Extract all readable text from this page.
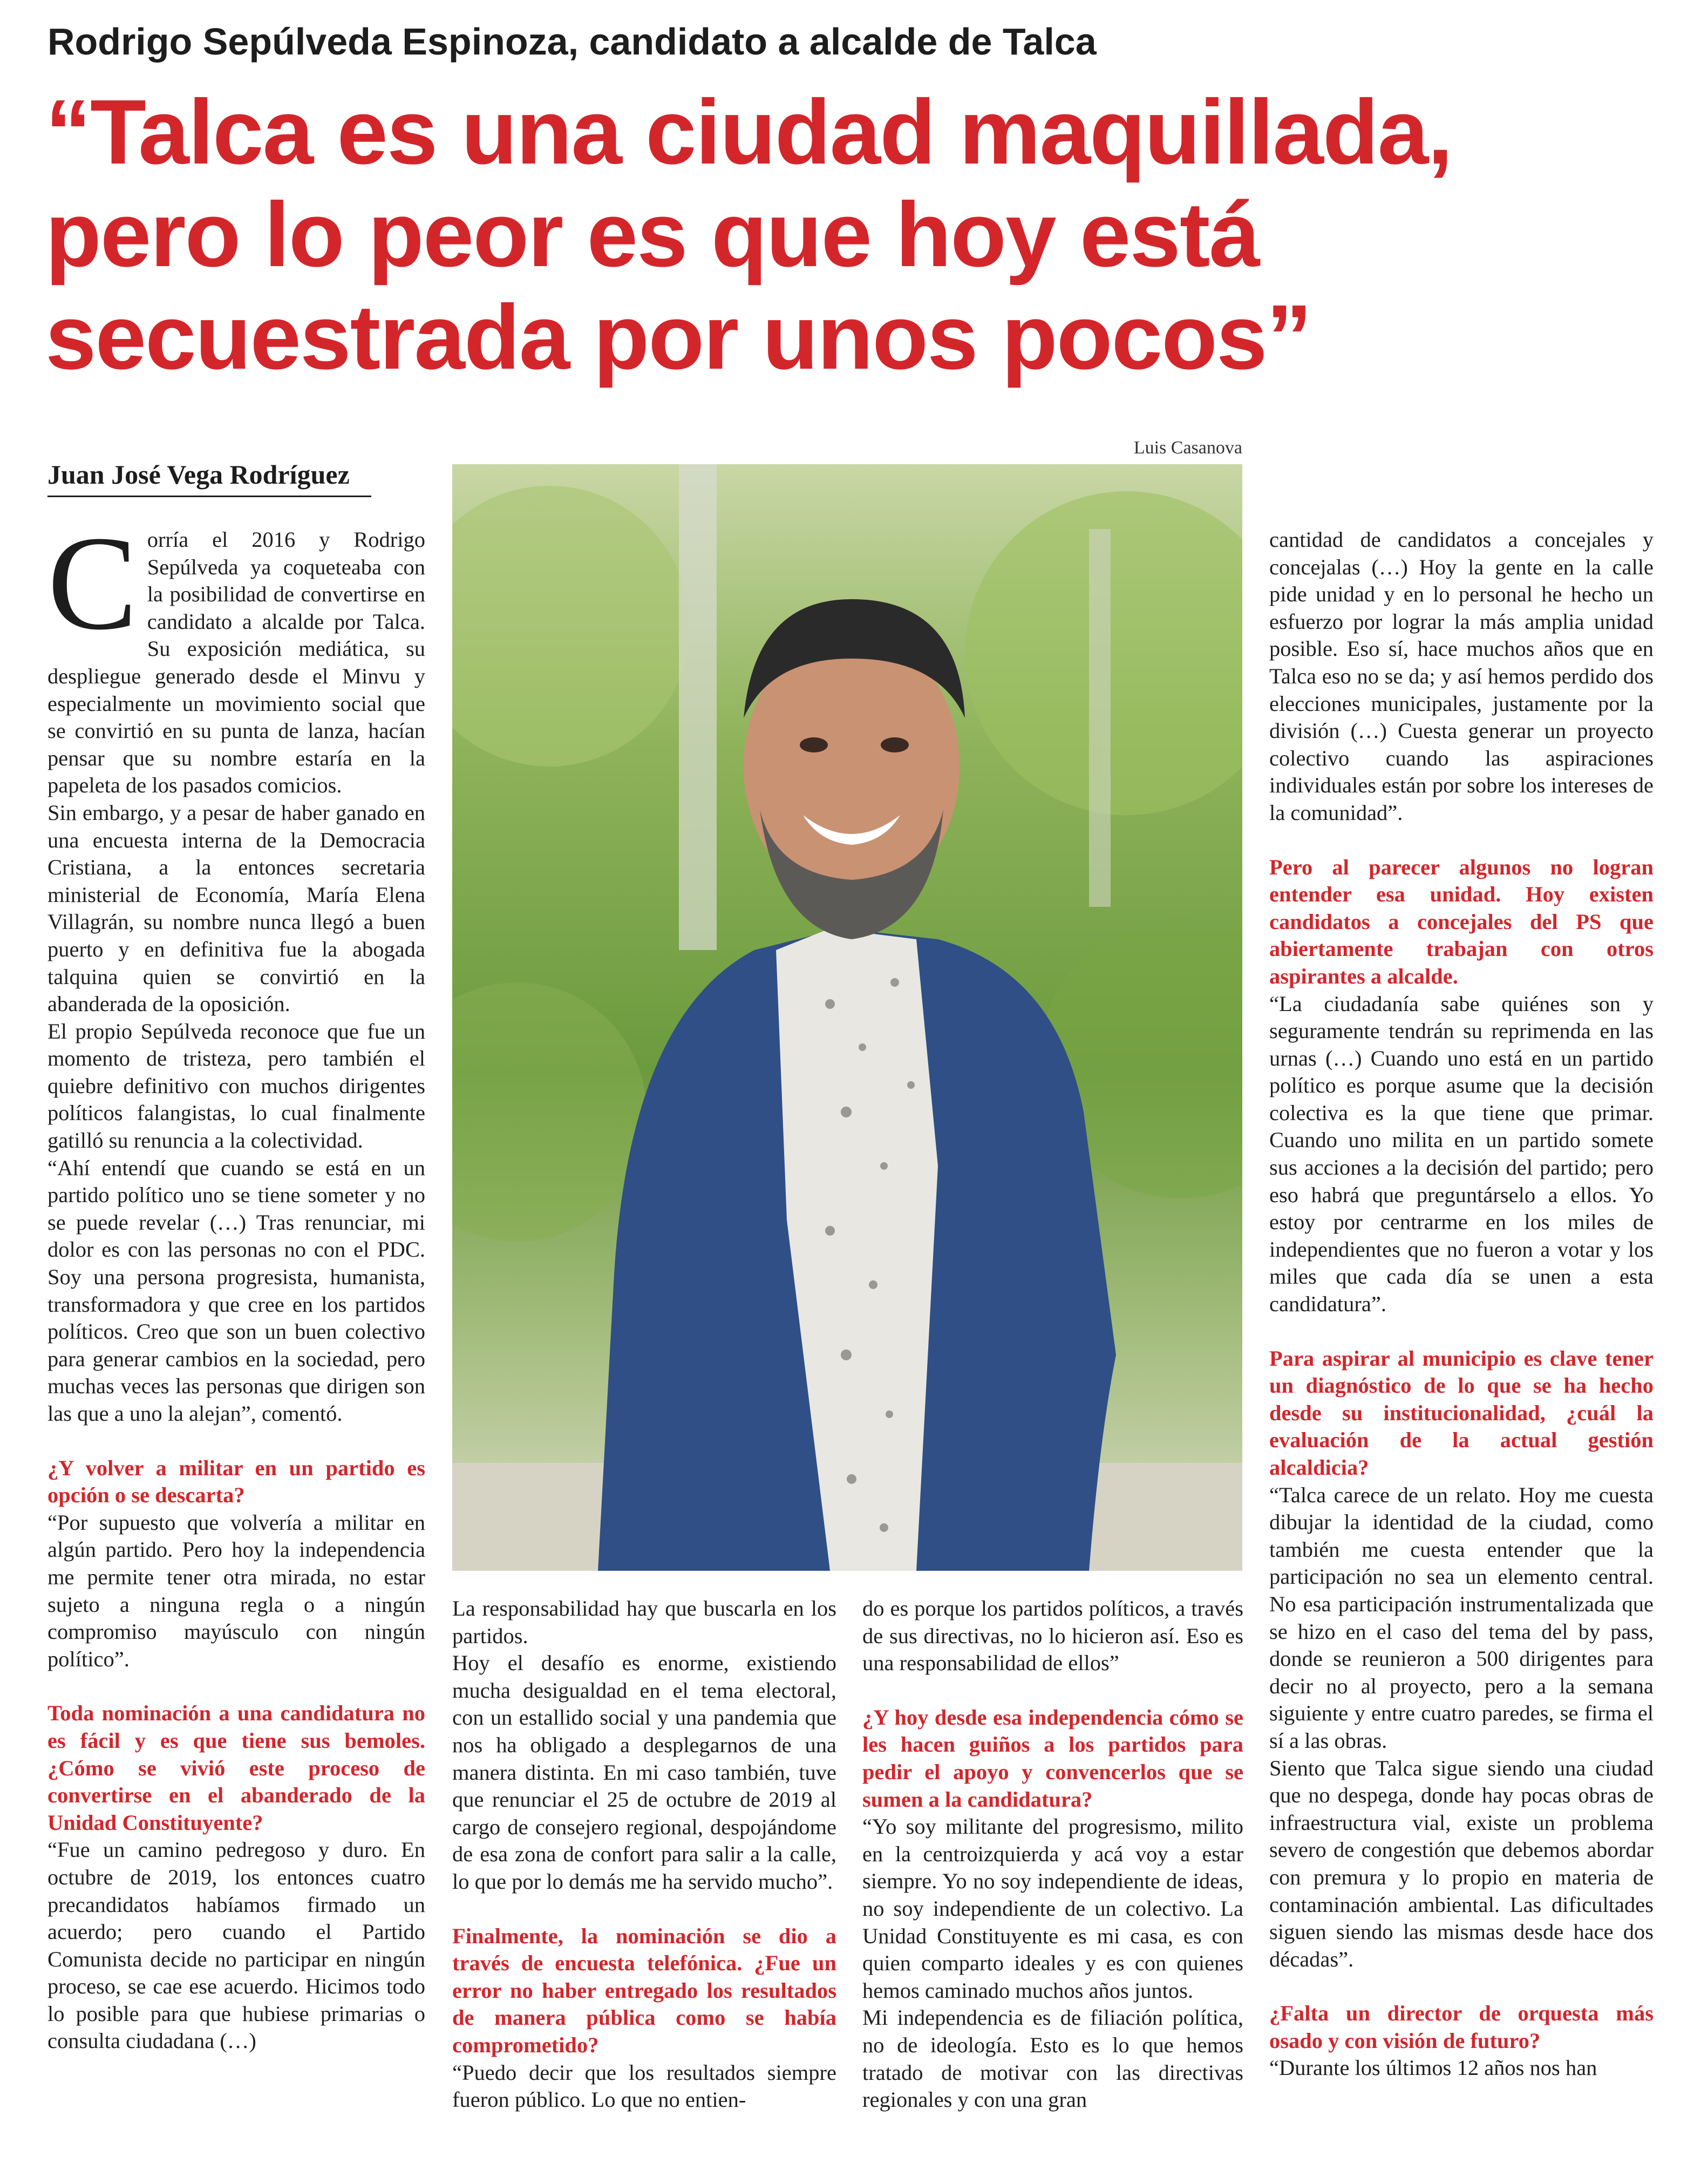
Rodrigo Sepúlveda Espinoza, candidato a alcalde de Talca
“Talca es una ciudad maquillada,
pero lo peor es que hoy está
secuestrada por unos pocos”
Juan José Vega Rodríguez
Luis Casanova

Corría el 2016 y Rodrigo Sepúlveda ya coqueteaba con la posibilidad de convertirse en candidato a alcalde por Talca. Su exposición mediática, su despliegue generado desde el Minvu y especialmente un movimiento social que se convirtió en su punta de lanza, hacían pensar que su nombre estaría en la papeleta de los pasados comicios.

Sin embargo, y a pesar de haber ganado en una encuesta interna de la Democracia Cristiana, a la entonces secretaria ministerial de Economía, María Elena Villagrán, su nombre nunca llegó a buen puerto y en definitiva fue la abogada talquina quien se convirtió en la abanderada de la oposición.

El propio Sepúlveda reconoce que fue un momento de tristeza, pero también el quiebre definitivo con muchos dirigentes políticos falangistas, lo cual finalmente gatilló su renuncia a la colectividad.

“Ahí entendí que cuando se está en un partido político uno se tiene someter y no se puede revelar (…) Tras renunciar, mi dolor es con las personas no con el PDC. Soy una persona progresista, humanista, transformadora y que cree en los partidos políticos. Creo que son un buen colectivo para generar cambios en la sociedad, pero muchas veces las personas que dirigen son las que a uno la alejan”, comentó.

¿Y volver a militar en un partido es opción o se descarta?

“Por supuesto que volvería a militar en algún partido. Pero hoy la independencia me permite tener otra mirada, no estar sujeto a ninguna regla o a ningún compromiso mayúsculo con ningún político”.

Toda nominación a una candidatura no es fácil y es que tiene sus bemoles. ¿Cómo se vivió este proceso de convertirse en el abanderado de la Unidad Constituyente?

“Fue un camino pedregoso y duro. En octubre de 2019, los entonces cuatro precandidatos habíamos firmado un acuerdo; pero cuando el Partido Comunista decide no participar en ningún proceso, se cae ese acuerdo. Hicimos todo lo posible para que hubiese primarias o consulta ciudadana (…)

La responsabilidad hay que buscarla en los partidos.

Hoy el desafío es enorme, existiendo mucha desigualdad en el tema electoral, con un estallido social y una pandemia que nos ha obligado a desplegarnos de una manera distinta. En mi caso también, tuve que renunciar el 25 de octubre de 2019 al cargo de consejero regional, despojándome de esa zona de confort para salir a la calle, lo que por lo demás me ha servido mucho”.

Finalmente, la nominación se dio a través de encuesta telefónica. ¿Fue un error no haber entregado los resultados de manera pública como se había comprometido?

“Puedo decir que los resultados siempre fueron público. Lo que no entien-

do es porque los partidos políticos, a través de sus directivas, no lo hicieron así. Eso es una responsabilidad de ellos”

¿Y hoy desde esa independencia cómo se les hacen guiños a los partidos para pedir el apoyo y convencerlos que se sumen a la candidatura?

“Yo soy militante del progresismo, milito en la centroizquierda y acá voy a estar siempre. Yo no soy independiente de ideas, no soy independiente de un colectivo. La Unidad Constituyente es mi casa, es con quien comparto ideales y es con quienes hemos caminado muchos años juntos.

Mi independencia es de filiación política, no de ideología. Esto es lo que hemos tratado de motivar con las directivas regionales y con una gran

cantidad de candidatos a concejales y concejalas (…) Hoy la gente en la calle pide unidad y en lo personal he hecho un esfuerzo por lograr la más amplia unidad posible. Eso sí, hace muchos años que en Talca eso no se da; y así hemos perdido dos elecciones municipales, justamente por la división (…) Cuesta generar un proyecto colectivo cuando las aspiraciones individuales están por sobre los intereses de la comunidad”.

Pero al parecer algunos no logran entender esa unidad. Hoy existen candidatos a concejales del PS que abiertamente trabajan con otros aspirantes a alcalde.

“La ciudadanía sabe quiénes son y seguramente tendrán su reprimenda en las urnas (…) Cuando uno está en un partido político es porque asume que la decisión colectiva es la que tiene que primar. Cuando uno milita en un partido somete sus acciones a la decisión del partido; pero eso habrá que preguntárselo a ellos. Yo estoy por centrarme en los miles de independientes que no fueron a votar y los miles que cada día se unen a esta candidatura”.

Para aspirar al municipio es clave tener un diagnóstico de lo que se ha hecho desde su institucionalidad, ¿cuál la evaluación de la actual gestión alcaldicia?

“Talca carece de un relato. Hoy me cuesta dibujar la identidad de la ciudad, como también me cuesta entender que la participación no sea un elemento central. No esa participación instrumentalizada que se hizo en el caso del tema del by pass, donde se reunieron a 500 dirigentes para decir no al proyecto, pero a la semana siguiente y entre cuatro paredes, se firma el sí a las obras.

Siento que Talca sigue siendo una ciudad que no despega, donde hay pocas obras de infraestructura vial, existe un problema severo de congestión que debemos abordar con premura y lo propio en materia de contaminación ambiental. Las dificultades siguen siendo las mismas desde hace dos décadas”.

¿Falta un director de orquesta más osado y con visión de futuro?

“Durante los últimos 12 años nos han
